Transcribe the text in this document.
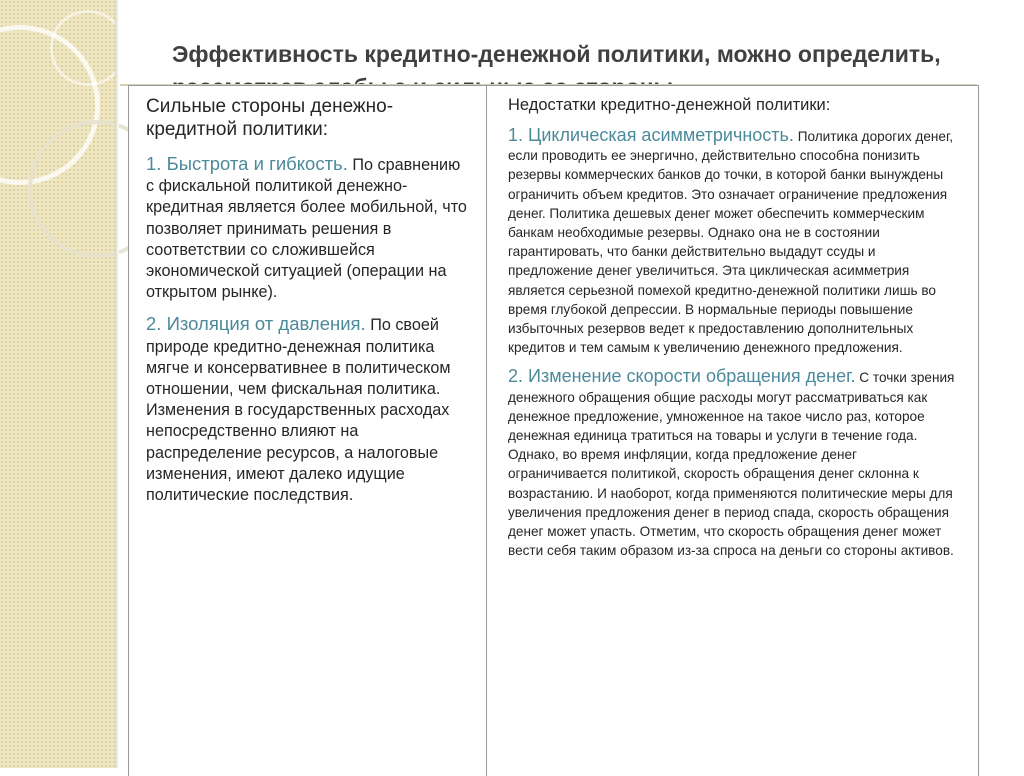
Эффективность кредитно-денежной политики, можно определить,

Сильные стороны денежно-кредитной политики:

1. Быстрота и гибкость. По сравнению с фискальной политикой денежно-кредитная является более мобильной, что позволяет принимать решения в соответствии со сложившейся экономической ситуацией (операции на открытом рынке).

2. Изоляция от давления. По своей природе кредитно-денежная политика мягче и консервативнее в политическом отношении, чем фискальная политика. Изменения в государственных расходах непосредственно влияют на распределение ресурсов, а налоговые изменения, имеют далеко идущие политические последствия.

Недостатки кредитно-денежной политики:

1. Циклическая асимметричность. Политика дорогих денег, если проводить ее энергично, действительно способна понизить резервы коммерческих банков до точки, в которой банки вынуждены ограничить объем кредитов. Это означает ограничение предложения денег. Политика дешевых денег может обеспечить коммерческим банкам необходимые резервы. Однако она не в состоянии гарантировать, что банки действительно выдадут ссуды и предложение денег увеличиться. Эта циклическая асимметрия является серьезной помехой кредитно-денежной политики лишь во время глубокой депрессии. В нормальные периоды повышение избыточных резервов ведет к предоставлению дополнительных кредитов и тем самым к увеличению денежного предложения.

2. Изменение скорости обращения денег. С точки зрения денежного обращения общие расходы могут рассматриваться как денежное предложение, умноженное на такое число раз, которое денежная единица тратиться на товары и услуги в течение года. Однако, во время инфляции, когда предложение денег ограничивается политикой, скорость обращения денег склонна к возрастанию. И наоборот, когда применяются политические меры для увеличения предложения денег в период спада, скорость обращения денег может упасть. Отметим, что скорость обращения денег может вести себя таким образом из-за спроса на деньги со стороны активов.
